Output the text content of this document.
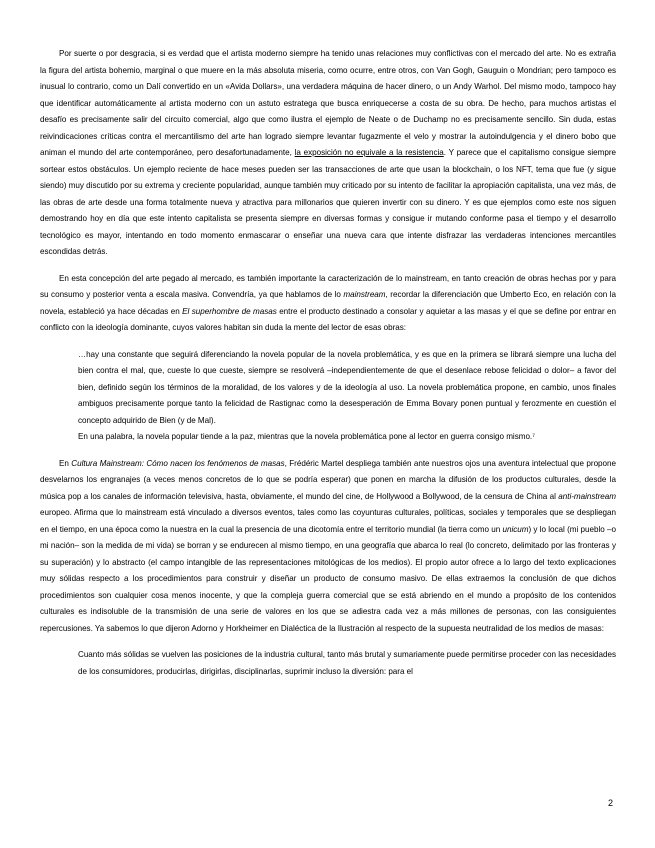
Por suerte o por desgracia, si es verdad que el artista moderno siempre ha tenido unas relaciones muy conflictivas con el mercado del arte. No es extraña la figura del artista bohemio, marginal o que muere en la más absoluta miseria, como ocurre, entre otros, con Van Gogh, Gauguin o Mondrian; pero tampoco es inusual lo contrario, como un Dalí convertido en un «Avida Dollars», una verdadera máquina de hacer dinero, o un Andy Warhol. Del mismo modo, tampoco hay que identificar automáticamente al artista moderno con un astuto estratega que busca enriquecerse a costa de su obra. De hecho, para muchos artistas el desafío es precisamente salir del circuito comercial, algo que como ilustra el ejemplo de Neate o de Duchamp no es precisamente sencillo. Sin duda, estas reivindicaciones críticas contra el mercantilismo del arte han logrado siempre levantar fugazmente el velo y mostrar la autoindulgencia y el dinero bobo que animan el mundo del arte contemporáneo, pero desafortunadamente, la exposición no equivale a la resistencia. Y parece que el capitalismo consigue siempre sortear estos obstáculos. Un ejemplo reciente de hace meses pueden ser las transacciones de arte que usan la blockchain, o los NFT, tema que fue (y sigue siendo) muy discutido por su extrema y creciente popularidad, aunque también muy criticado por su intento de facilitar la apropiación capitalista, una vez más, de las obras de arte desde una forma totalmente nueva y atractiva para millonarios que quieren invertir con su dinero. Y es que ejemplos como este nos siguen demostrando hoy en día que este intento capitalista se presenta siempre en diversas formas y consigue ir mutando conforme pasa el tiempo y el desarrollo tecnológico es mayor, intentando en todo momento enmascarar o enseñar una nueva cara que intente disfrazar las verdaderas intenciones mercantiles escondidas detrás.

En esta concepción del arte pegado al mercado, es también importante la caracterización de lo mainstream, en tanto creación de obras hechas por y para su consumo y posterior venta a escala masiva. Convendría, ya que hablamos de lo mainstream, recordar la diferenciación que Umberto Eco, en relación con la novela, estableció ya hace décadas en El superhombre de masas entre el producto destinado a consolar y aquietar a las masas y el que se define por entrar en conflicto con la ideología dominante, cuyos valores habitan sin duda la mente del lector de esas obras:

…hay una constante que seguirá diferenciando la novela popular de la novela problemática, y es que en la primera se librará siempre una lucha del bien contra el mal, que, cueste lo que cueste, siempre se resolverá –independientemente de que el desenlace rebose felicidad o dolor– a favor del bien, definido según los términos de la moralidad, de los valores y de la ideología al uso. La novela problemática propone, en cambio, unos finales ambiguos precisamente porque tanto la felicidad de Rastignac como la desesperación de Emma Bovary ponen puntual y ferozmente en cuestión el concepto adquirido de Bien (y de Mal).

En una palabra, la novela popular tiende a la paz, mientras que la novela problemática pone al lector en guerra consigo mismo.⁷

En Cultura Mainstream: Cómo nacen los fenómenos de masas, Frédéric Martel despliega también ante nuestros ojos una aventura intelectual que propone desvelarnos los engranajes (a veces menos concretos de lo que se podría esperar) que ponen en marcha la difusión de los productos culturales, desde la música pop a los canales de información televisiva, hasta, obviamente, el mundo del cine, de Hollywood a Bollywood, de la censura de China al anti-mainstream europeo. Afirma que lo mainstream está vinculado a diversos eventos, tales como las coyunturas culturales, políticas, sociales y temporales que se despliegan en el tiempo, en una época como la nuestra en la cual la presencia de una dicotomía entre el territorio mundial (la tierra como un unicum) y lo local (mi pueblo –o mi nación– son la medida de mi vida) se borran y se endurecen al mismo tiempo, en una geografía que abarca lo real (lo concreto, delimitado por las fronteras y su superación) y lo abstracto (el campo intangible de las representaciones mitológicas de los medios). El propio autor ofrece a lo largo del texto explicaciones muy sólidas respecto a los procedimientos para construir y diseñar un producto de consumo masivo. De ellas extraemos la conclusión de que dichos procedimientos son cualquier cosa menos inocente, y que la compleja guerra comercial que se está abriendo en el mundo a propósito de los contenidos culturales es indisoluble de la transmisión de una serie de valores en los que se adiestra cada vez a más millones de personas, con las consiguientes repercusiones. Ya sabemos lo que dijeron Adorno y Horkheimer en Dialéctica de la Ilustración al respecto de la supuesta neutralidad de los medios de masas:

Cuanto más sólidas se vuelven las posiciones de la industria cultural, tanto más brutal y sumariamente puede permitirse proceder con las necesidades de los consumidores, producirlas, dirigirlas, disciplinarlas, suprimir incluso la diversión: para el

2
